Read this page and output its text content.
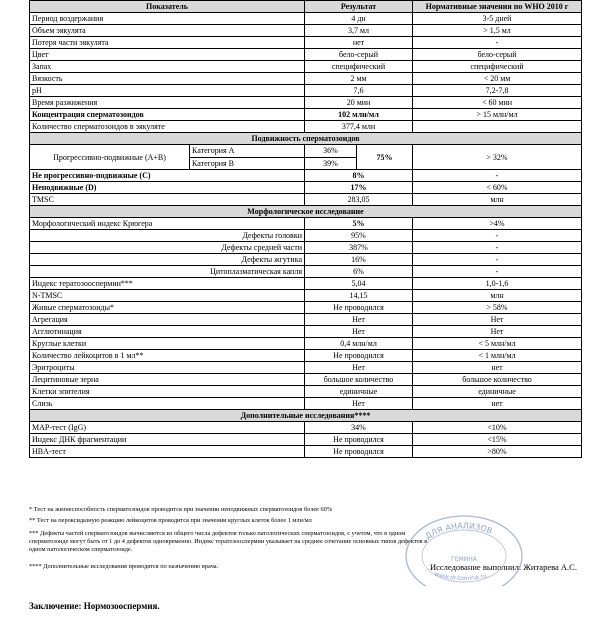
Показатель		Результат		Нормативные значения по WHO 2010 г
Период воздержания		4 дн		3-5 дней
Объем эякулята		3,7 мл		> 1,5 мл
Потеря части эякулята		нет		-
Цвет		бело-серый		бело-серый
Запах		специфический		специфический
Вязкость		2 мм		< 20 мм
pH		7,6		7,2-7,8
Время разжижения		20 мин		< 60 мин
Концентрация сперматозоидов		102 млн/мл		> 15 млн/мл
Количество сперматозоидов в эякуляте		377,4 млн		
Подвижность сперматозоидов				
Прогрессивно-подвижные (A+B)	Категория A	36%	75%	> 32%
	Категория B	39%		
Не прогрессивно-подвижные (C)		8%		-
Неподвижные (D)		17%		< 60%
TMSC		283,05		млн
Морфологическое исследование				
Морфологический индекс Крюгера		5%		>4%
Дефекты головки		95%		-
Дефекты средней части		387%		-
Дефекты жгутика		16%		-
Цитоплазматическая капля		6%		-
Индекс тератозооспермии***		5,04		1,0-1,6
N-TMSC		14,15		млн
Живые сперматозоиды*		Не проводился		> 58%
Агрегация		Нет		Нет
Агглютинация		Нет		Нет
Круглые клетки		0,4 млн/мл		< 5 млн/мл
Количество лейкоцитов в 1 мл**		Не проводился		< 1 млн/мл
Эритроциты		Нет		нет
Лецитиновые зерна		большое количество		большое количество
Клетки эпителия		единичные		единичные
Слизь		Нет		нет
Дополнительные исследования****				
MAP-тест (IgG)		34%		<10%
Индекс ДНК фрагментации		Не проводился		<15%
HBA-тест		Не проводился		>80%
* Тест на жизнеспособность сперматозоидов проводится при значении неподвижных сперматозоидов более 60%
** Тест на пероксидазную реакцию лейкоцитов проводится при значении круглых клеток более 1 млн/мл
*** Дефекты частей сперматозоидов вычисляются из общего числа дефектов только патологических сперматозоидов, с учетом, что в одном сперматозоиде могут быть от 1 до 4 дефектов одновременно. Индекс тератозооспермии указывает на среднее сочетание основных типов дефектов в одном патологическом сперматозоиде.
**** Дополнительные исследования проводятся по назначению врача.	Исследование выполнил: Житарева А.С.
ДЛЯ АНАЛИЗОВ
ГЕМИНА
www.dr-tomina.ru
Заключение: Нормозооспермия.
